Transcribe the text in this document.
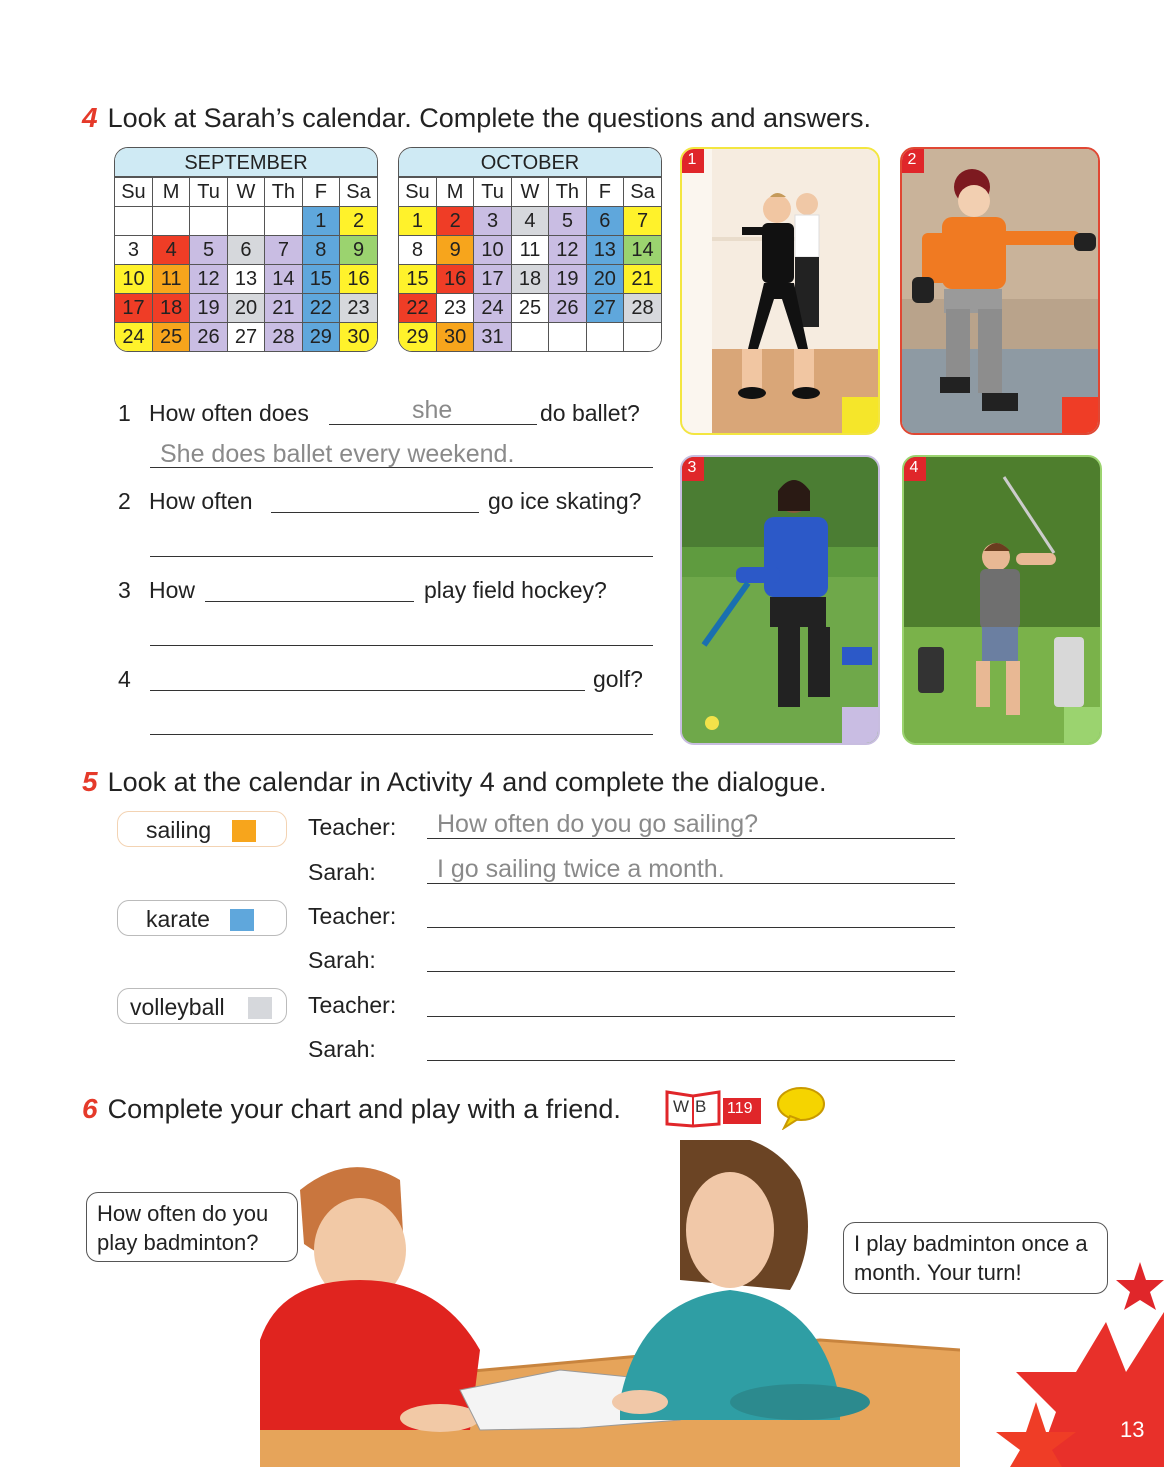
4 Look at Sarah’s calendar. Complete the questions and answers.
SEPTEMBER
Su	M	Tu	W	Th	F	Sa
					1	2
3	4	5	6	7	8	9
10	11	12	13	14	15	16
17	18	19	20	21	22	23
24	25	26	27	28	29	30
OCTOBER
Su	M	Tu	W	Th	F	Sa
1	2	3	4	5	6	7
8	9	10	11	12	13	14
15	16	17	18	19	20	21
22	23	24	25	26	27	28
29	30	31				
1 How often does	she	do ballet?
She does ballet every weekend.
2 How often	go ice skating?
3 How	play field hockey?
4	golf?
1	2
3	4
5 Look at the calendar in Activity 4 and complete the dialogue.
sailing	Teacher: How often do you go sailing?
Sarah: I go sailing twice a month.
karate	Teacher:
Sarah:
volleyball	Teacher:
Sarah:
6 Complete your chart and play with a friend.	WB 119
How often do you play badminton?	I play badminton once a month. Your turn!
13
